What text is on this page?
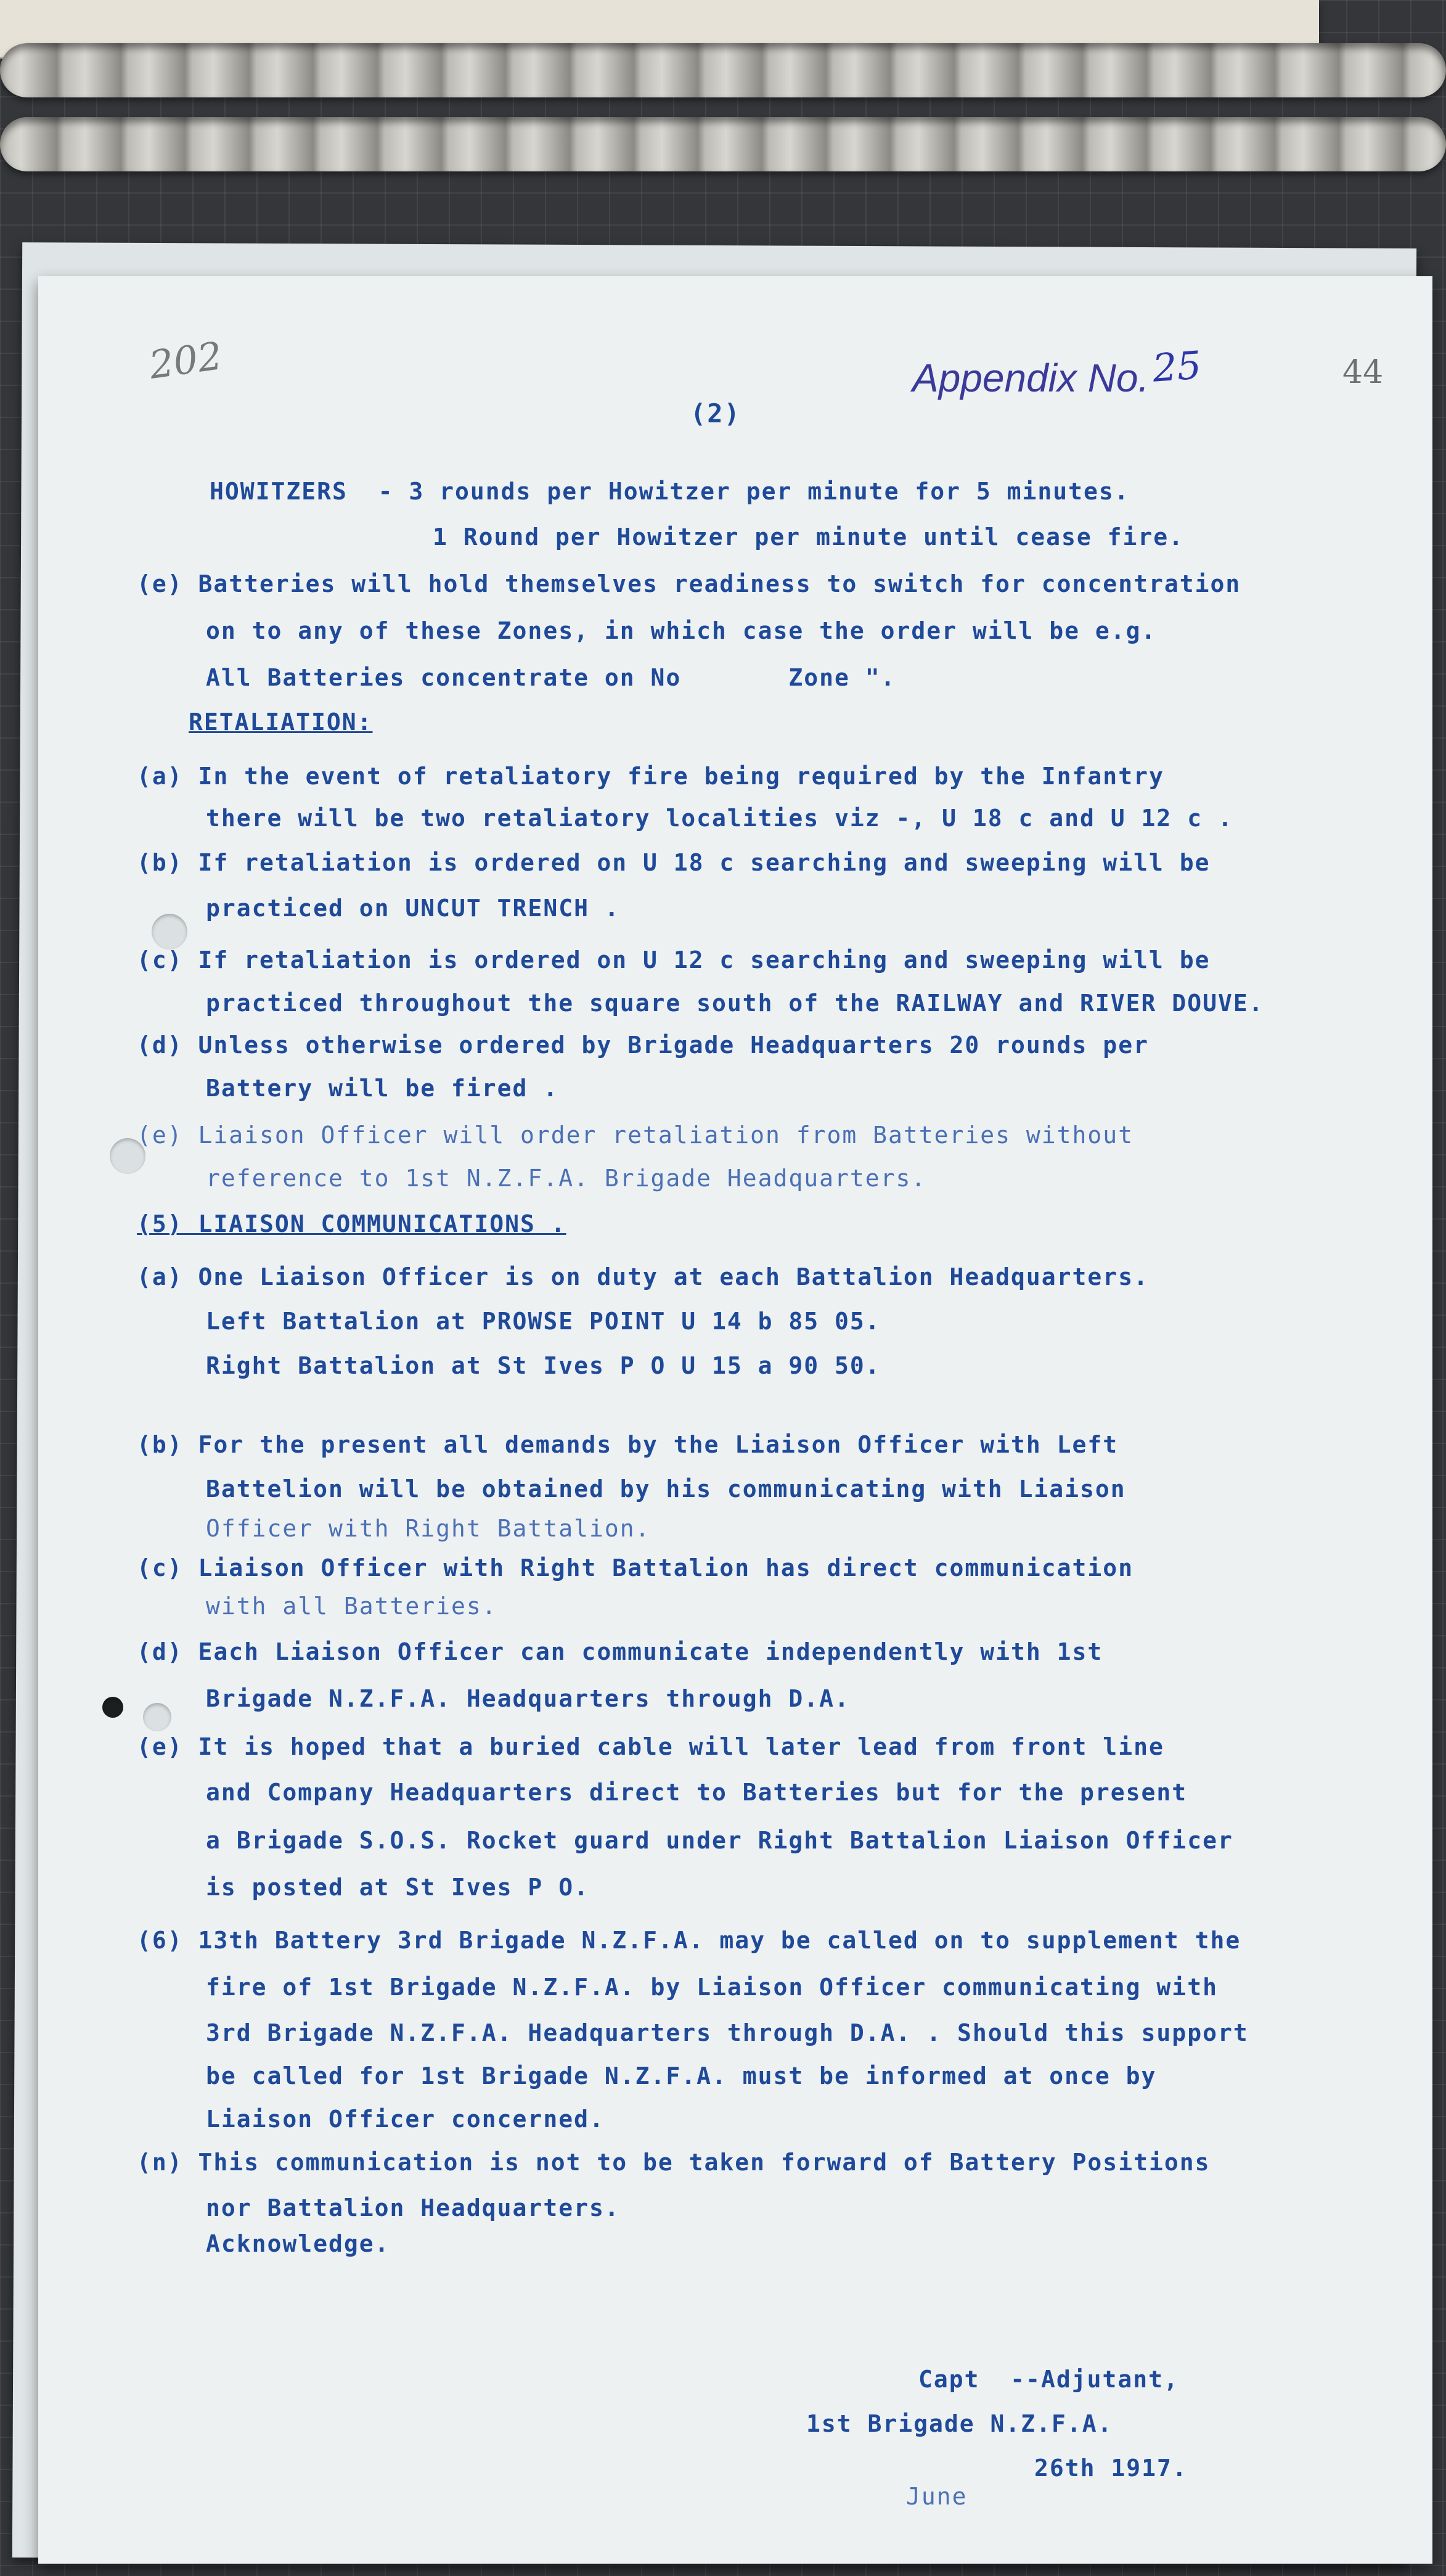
202	Appendix No. 25	44
(2)
HOWITZERS  - 3 rounds per Howitzer per minute for 5 minutes.
1 Round per Howitzer per minute until cease fire.
(e) Batteries will hold themselves readiness to switch for concentration
on to any of these Zones, in which case the order will be e.g.
All Batteries concentrate on No       Zone ".
RETALIATION:
(a) In the event of retaliatory fire being required by the Infantry
there will be two retaliatory localities viz -, U 18 c and U 12 c .
(b) If retaliation is ordered on U 18 c searching and sweeping will be
practiced on UNCUT TRENCH .
(c) If retaliation is ordered on U 12 c searching and sweeping will be
practiced throughout the square south of the RAILWAY and RIVER DOUVE.
(d) Unless otherwise ordered by Brigade Headquarters 20 rounds per
Battery will be fired .
(e) Liaison Officer will order retaliation from Batteries without
reference to 1st N.Z.F.A. Brigade Headquarters.
(5) LIAISON COMMUNICATIONS .
(a) One Liaison Officer is on duty at each Battalion Headquarters.
Left Battalion at PROWSE POINT U 14 b 85 05.
Right Battalion at St Ives P O U 15 a 90 50.
(b) For the present all demands by the Liaison Officer with Left
Battelion will be obtained by his communicating with Liaison
Officer with Right Battalion.
(c) Liaison Officer with Right Battalion has direct communication
with all Batteries.
(d) Each Liaison Officer can communicate independently with 1st
Brigade N.Z.F.A. Headquarters through D.A.
(e) It is hoped that a buried cable will later lead from front line
and Company Headquarters direct to Batteries but for the present
a Brigade S.O.S. Rocket guard under Right Battalion Liaison Officer
is posted at St Ives P O.
(6) 13th Battery 3rd Brigade N.Z.F.A. may be called on to supplement the
fire of 1st Brigade N.Z.F.A. by Liaison Officer communicating with
3rd Brigade N.Z.F.A. Headquarters through D.A. . Should this support
be called for 1st Brigade N.Z.F.A. must be informed at once by
Liaison Officer concerned.
(n) This communication is not to be taken forward of Battery Positions
nor Battalion Headquarters.
Acknowledge.
Capt  --Adjutant,
1st Brigade N.Z.F.A.
26th 1917.
June
